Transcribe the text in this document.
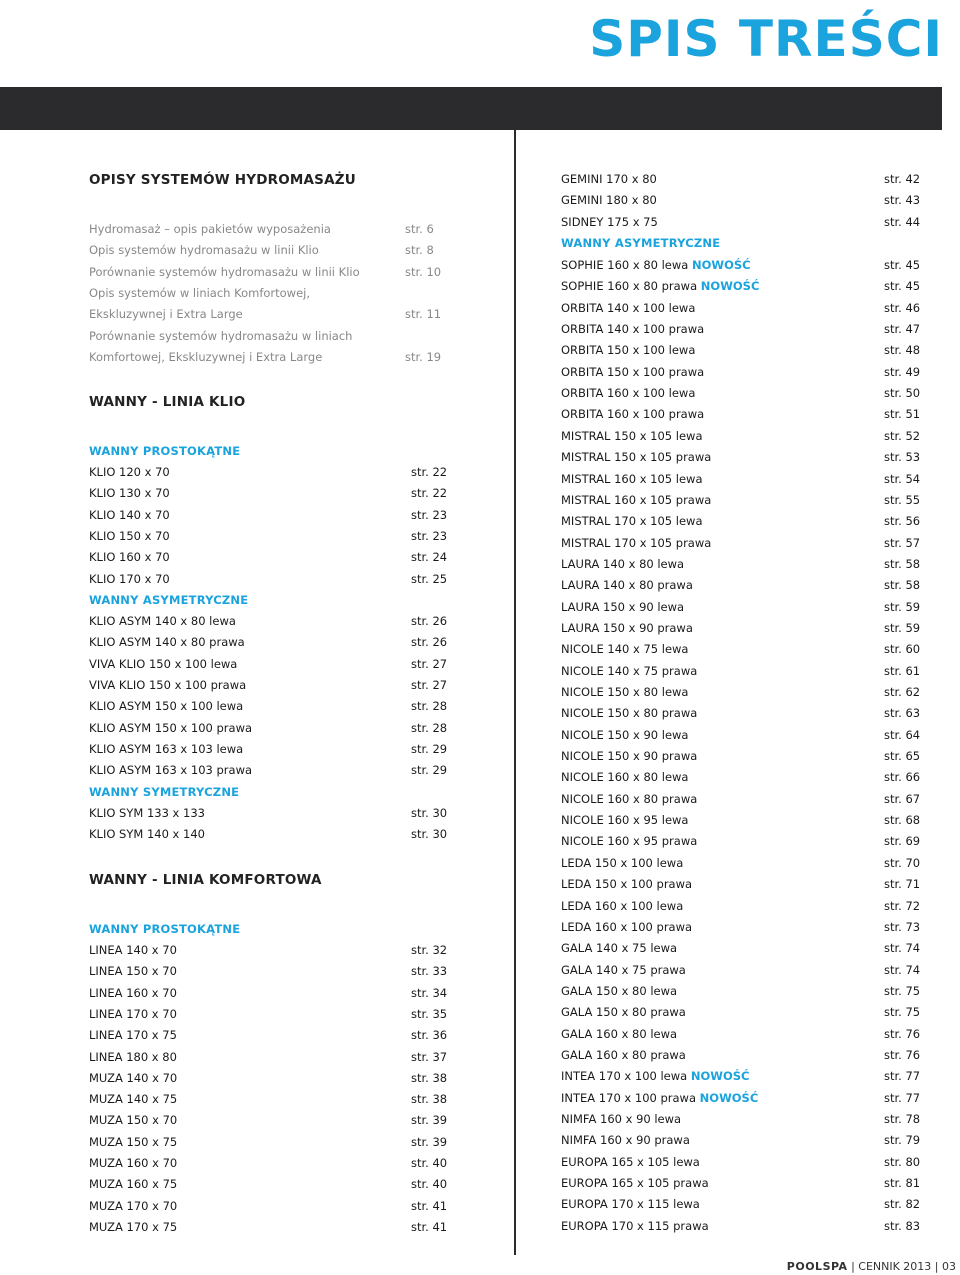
SPIS TREŚCI
OPISY SYSTEMÓW HYDROMASAŻU
Hydromasaż – opis pakietów wyposażenia	str. 6
Opis systemów hydromasażu w linii Klio	str. 8
Porównanie systemów hydromasażu w linii Klio	str. 10
Opis systemów w liniach Komfortowej,
Ekskluzywnej i Extra Large	str. 11
Porównanie systemów hydromasażu w liniach
Komfortowej, Ekskluzywnej i Extra Large	str. 19
WANNY - LINIA KLIO
WANNY PROSTOKĄTNE
KLIO 120 x 70	str. 22
KLIO 130 x 70	str. 22
KLIO 140 x 70	str. 23
KLIO 150 x 70	str. 23
KLIO 160 x 70	str. 24
KLIO 170 x 70	str. 25
WANNY ASYMETRYCZNE
KLIO ASYM 140 x 80 lewa	str. 26
KLIO ASYM 140 x 80 prawa	str. 26
VIVA KLIO 150 x 100 lewa	str. 27
VIVA KLIO 150 x 100 prawa	str. 27
KLIO ASYM 150 x 100 lewa	str. 28
KLIO ASYM 150 x 100 prawa	str. 28
KLIO ASYM 163 x 103 lewa	str. 29
KLIO ASYM 163 x 103 prawa	str. 29
WANNY SYMETRYCZNE
KLIO SYM 133 x 133	str. 30
KLIO SYM 140 x 140	str. 30
WANNY - LINIA KOMFORTOWA
WANNY PROSTOKĄTNE
LINEA 140 x 70	str. 32
LINEA 150 x 70	str. 33
LINEA 160 x 70	str. 34
LINEA 170 x 70	str. 35
LINEA 170 x 75	str. 36
LINEA 180 x 80	str. 37
MUZA 140 x 70	str. 38
MUZA 140 x 75	str. 38
MUZA 150 x 70	str. 39
MUZA 150 x 75	str. 39
MUZA 160 x 70	str. 40
MUZA 160 x 75	str. 40
MUZA 170 x 70	str. 41
MUZA 170 x 75	str. 41
GEMINI 170 x 80	str. 42
GEMINI 180 x 80	str. 43
SIDNEY 175 x 75	str. 44
WANNY ASYMETRYCZNE
SOPHIE 160 x 80 lewa NOWOŚĆ	str. 45
SOPHIE 160 x 80 prawa NOWOŚĆ	str. 45
ORBITA 140 x 100 lewa	str. 46
ORBITA 140 x 100 prawa	str. 47
ORBITA 150 x 100 lewa	str. 48
ORBITA 150 x 100 prawa	str. 49
ORBITA 160 x 100 lewa	str. 50
ORBITA 160 x 100 prawa	str. 51
MISTRAL 150 x 105 lewa	str. 52
MISTRAL 150 x 105 prawa	str. 53
MISTRAL 160 x 105 lewa	str. 54
MISTRAL 160 x 105 prawa	str. 55
MISTRAL 170 x 105 lewa	str. 56
MISTRAL 170 x 105 prawa	str. 57
LAURA 140 x 80 lewa	str. 58
LAURA 140 x 80 prawa	str. 58
LAURA 150 x 90 lewa	str. 59
LAURA 150 x 90 prawa	str. 59
NICOLE 140 x 75 lewa	str. 60
NICOLE 140 x 75 prawa	str. 61
NICOLE 150 x 80 lewa	str. 62
NICOLE 150 x 80 prawa	str. 63
NICOLE 150 x 90 lewa	str. 64
NICOLE 150 x 90 prawa	str. 65
NICOLE 160 x 80 lewa	str. 66
NICOLE 160 x 80 prawa	str. 67
NICOLE 160 x 95 lewa	str. 68
NICOLE 160 x 95 prawa	str. 69
LEDA 150 x 100 lewa	str. 70
LEDA 150 x 100 prawa	str. 71
LEDA 160 x 100 lewa	str. 72
LEDA 160 x 100 prawa	str. 73
GALA 140 x 75 lewa	str. 74
GALA 140 x 75 prawa	str. 74
GALA 150 x 80 lewa	str. 75
GALA 150 x 80 prawa	str. 75
GALA 160 x 80 lewa	str. 76
GALA 160 x 80 prawa	str. 76
INTEA 170 x 100 lewa NOWOŚĆ	str. 77
INTEA 170 x 100 prawa NOWOŚĆ	str. 77
NIMFA 160 x 90 lewa	str. 78
NIMFA 160 x 90 prawa	str. 79
EUROPA 165 x 105 lewa	str. 80
EUROPA 165 x 105 prawa	str. 81
EUROPA 170 x 115 lewa	str. 82
EUROPA 170 x 115 prawa	str. 83
POOLSPA | CENNIK 2013 | 03
